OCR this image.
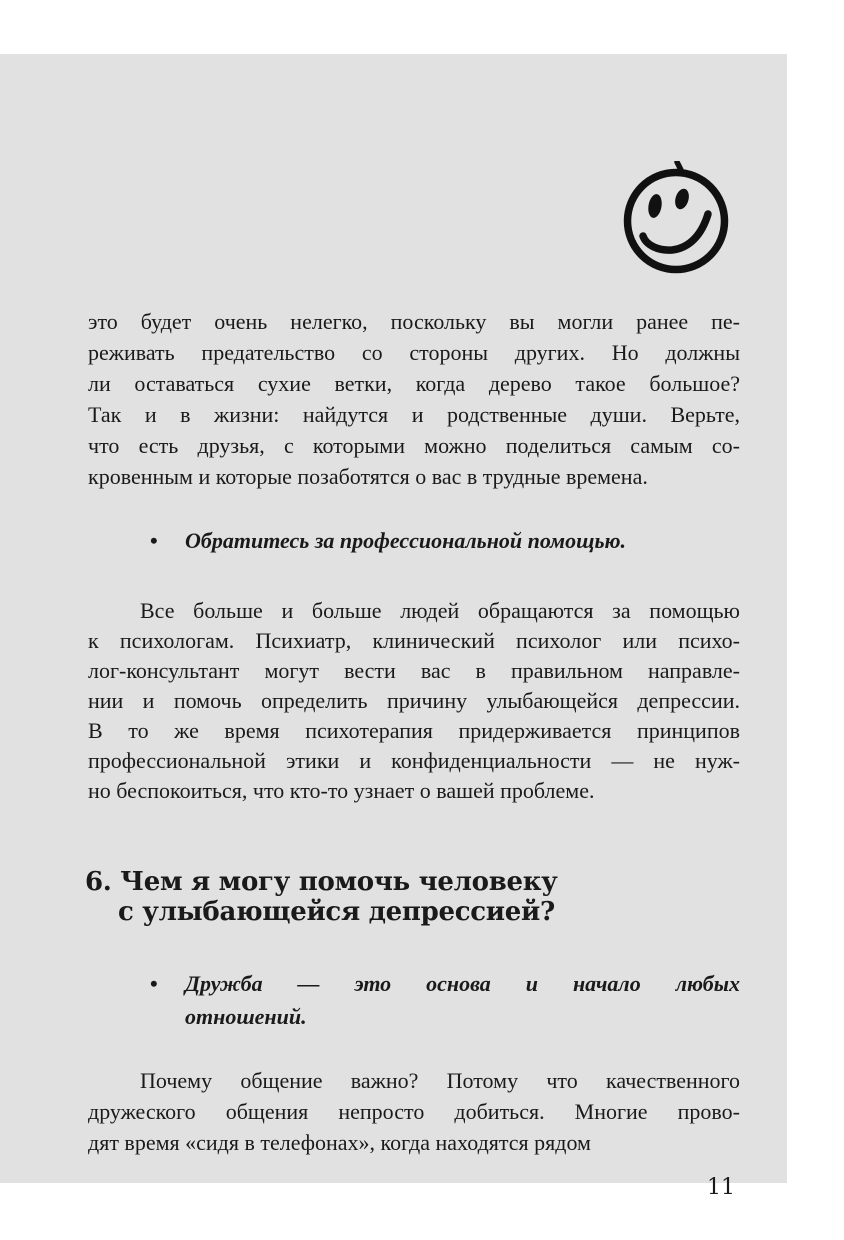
это будет очень нелегко, поскольку вы могли ранее пе-
реживать предательство со стороны других. Но должны
ли оставаться сухие ветки, когда дерево такое большое?
Так и в жизни: найдутся и родственные души. Верьте,
что есть друзья, с которыми можно поделиться самым со-
кровенным и которые позаботятся о вас в трудные времена.
• Обратитесь за профессиональной помощью.
Все больше и больше людей обращаются за помощью
к психологам. Психиатр, клинический психолог или психо-
лог-консультант могут вести вас в правильном направле-
нии и помочь определить причину улыбающейся депрессии.
В то же время психотерапия придерживается принципов
профессиональной этики и конфиденциальности — не нуж-
но беспокоиться, что кто-то узнает о вашей проблеме.
6. Чем я могу помочь человеку
с улыбающейся депрессией?
• Дружба — это основа и начало любых
отношений.
Почему общение важно? Потому что качественного
дружеского общения непросто добиться. Многие прово-
дят время «сидя в телефонах», когда находятся рядом
11
